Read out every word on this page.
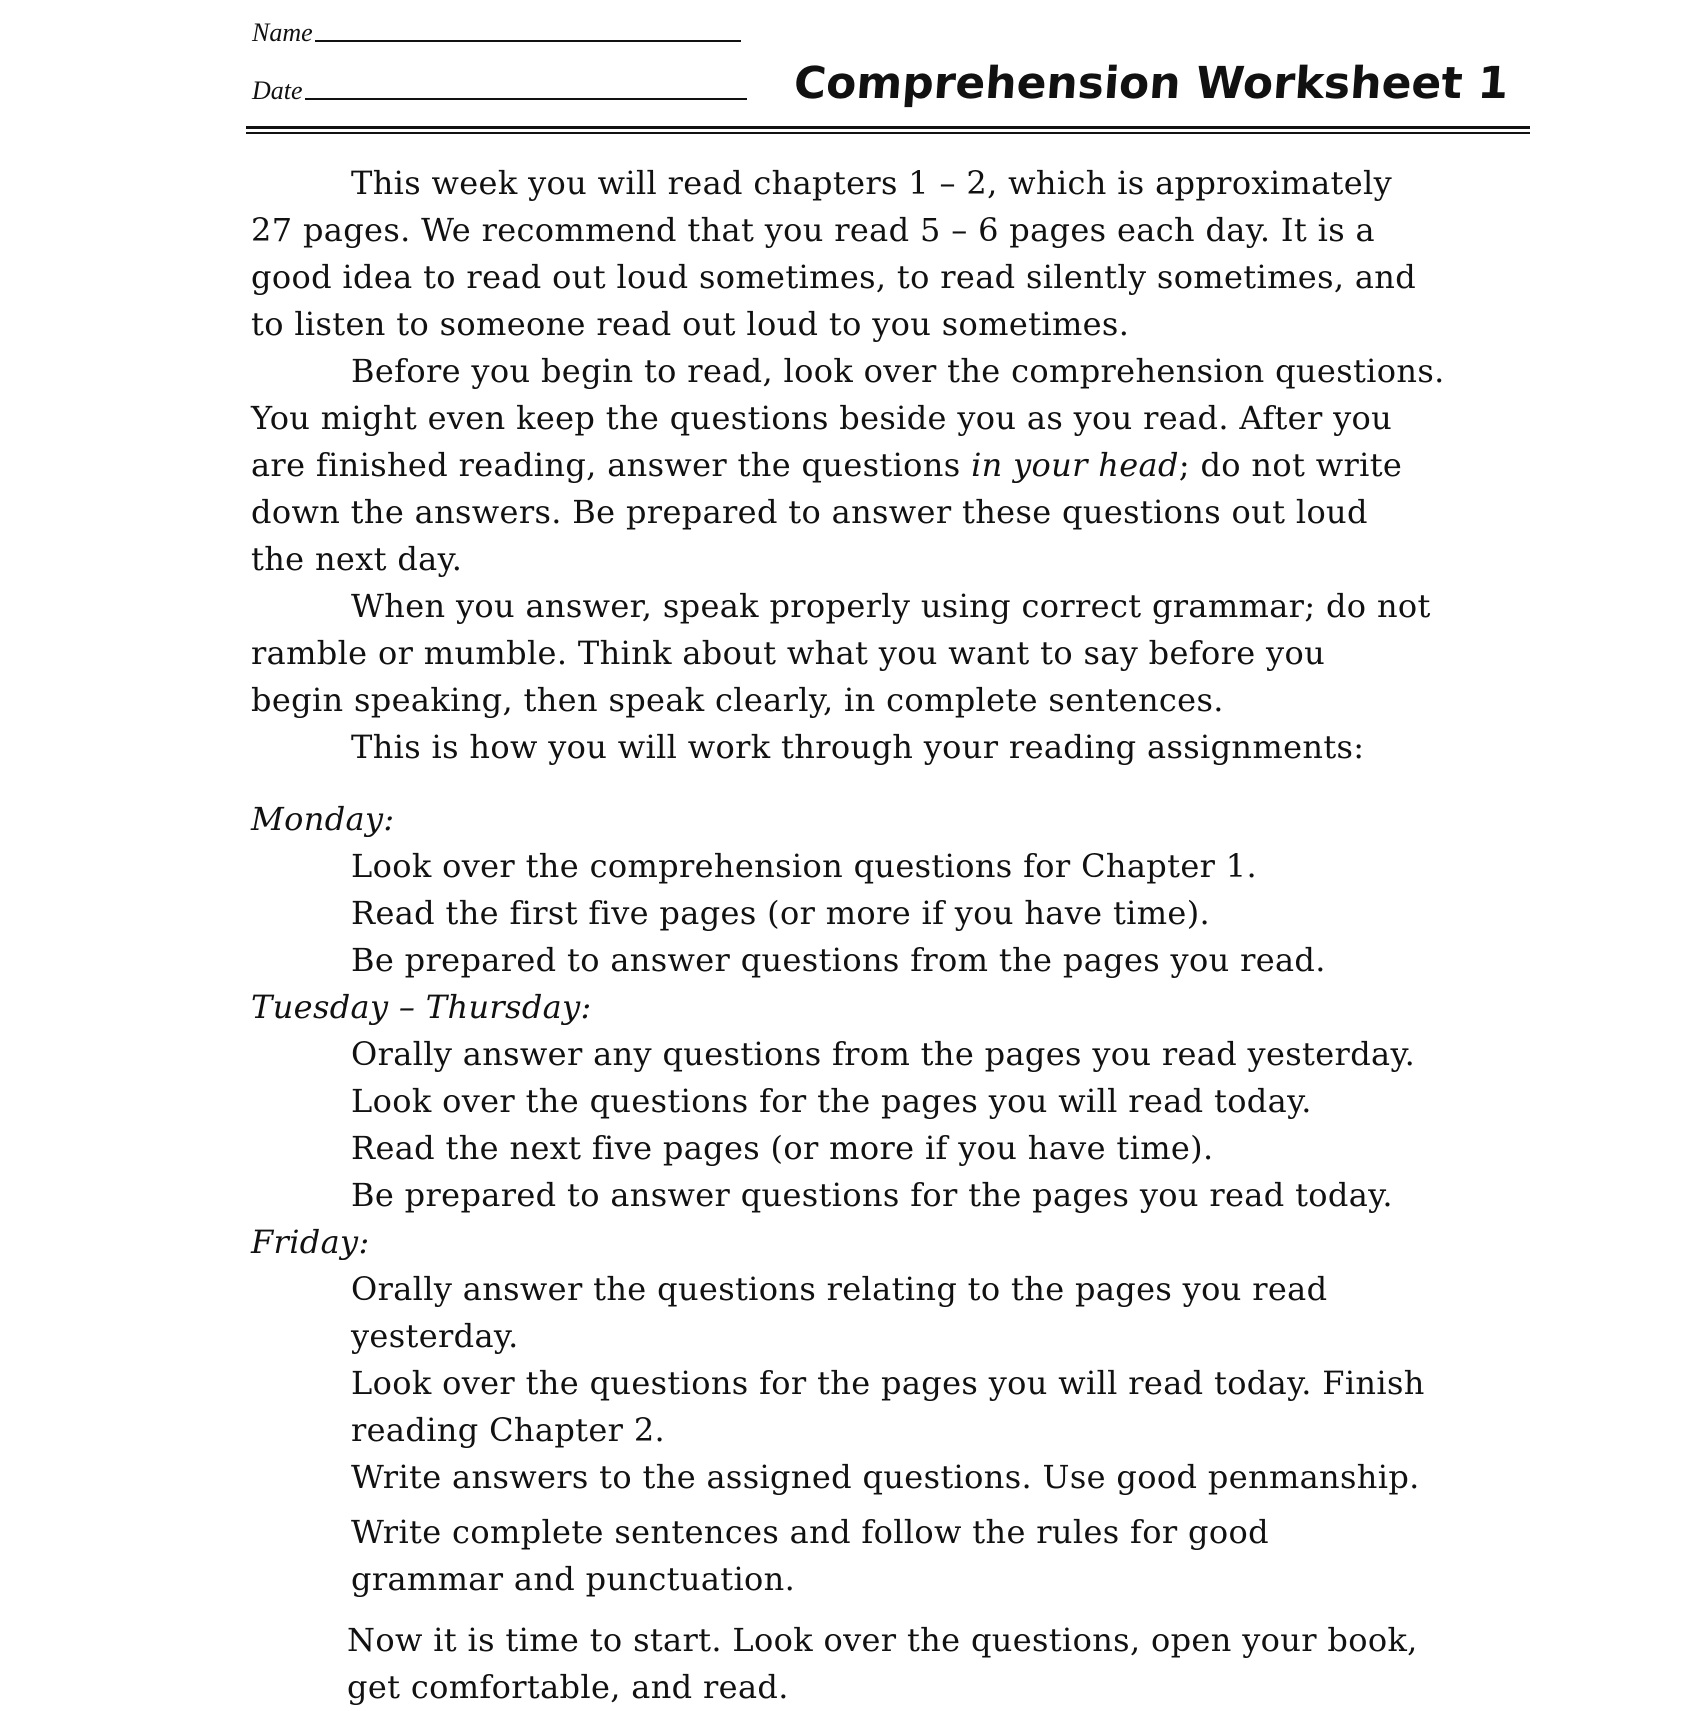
Name
Date	Comprehension Worksheet 1
This week you will read chapters 1 – 2, which is approximately
27 pages. We recommend that you read 5 – 6 pages each day. It is a
good idea to read out loud sometimes, to read silently sometimes, and
to listen to someone read out loud to you sometimes.
Before you begin to read, look over the comprehension questions.
You might even keep the questions beside you as you read. After you
are finished reading, answer the questions in your head; do not write
down the answers. Be prepared to answer these questions out loud
the next day.
When you answer, speak properly using correct grammar; do not
ramble or mumble. Think about what you want to say before you
begin speaking, then speak clearly, in complete sentences.
This is how you will work through your reading assignments:
Monday:
Look over the comprehension questions for Chapter 1.
Read the first five pages (or more if you have time).
Be prepared to answer questions from the pages you read.
Tuesday – Thursday:
Orally answer any questions from the pages you read yesterday.
Look over the questions for the pages you will read today.
Read the next five pages (or more if you have time).
Be prepared to answer questions for the pages you read today.
Friday:
Orally answer the questions relating to the pages you read
yesterday.
Look over the questions for the pages you will read today. Finish
reading Chapter 2.
Write answers to the assigned questions. Use good penmanship.
Write complete sentences and follow the rules for good
grammar and punctuation.
Now it is time to start. Look over the questions, open your book,
get comfortable, and read.
